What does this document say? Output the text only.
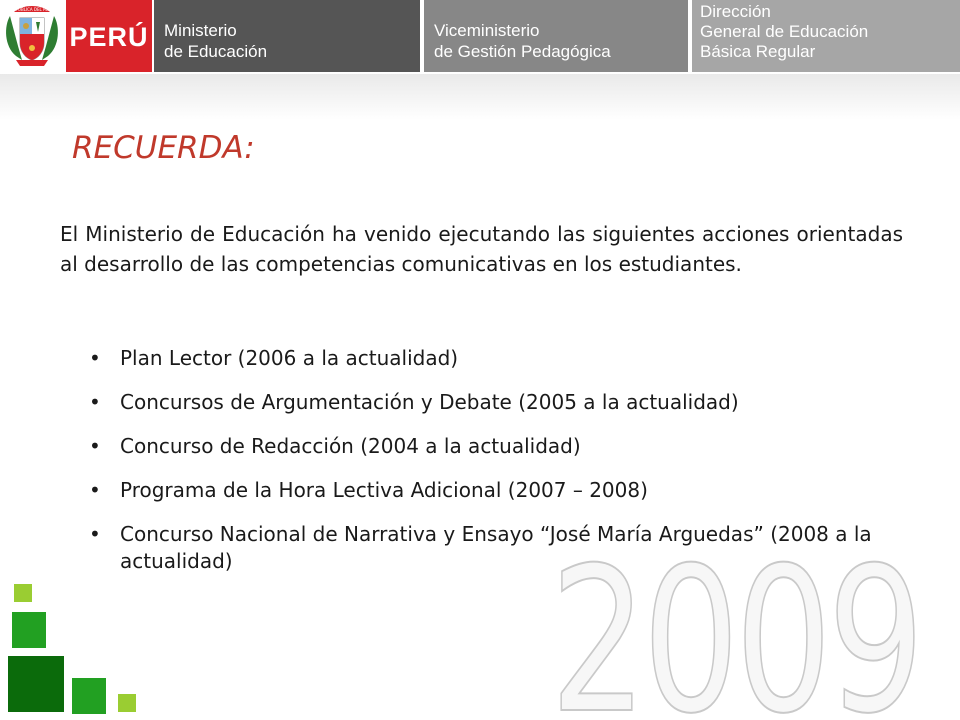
REPUBLICA DEL PERU
PERÚ Ministerio
de Educación
Viceministerio
de Gestión Pedagógica
Dirección
General de Educación
Básica Regular
2009
RECUERDA:
El Ministerio de Educación ha venido ejecutando las siguientes acciones orientadas al desarrollo de las competencias comunicativas en los estudiantes.
• Plan Lector (2006 a la actualidad)
• Concursos de Argumentación y Debate (2005 a la actualidad)
• Concurso de Redacción (2004 a la actualidad)
• Programa de la Hora Lectiva Adicional (2007 – 2008)
• Concurso Nacional de Narrativa y Ensayo “José María Arguedas” (2008 a la actualidad)
